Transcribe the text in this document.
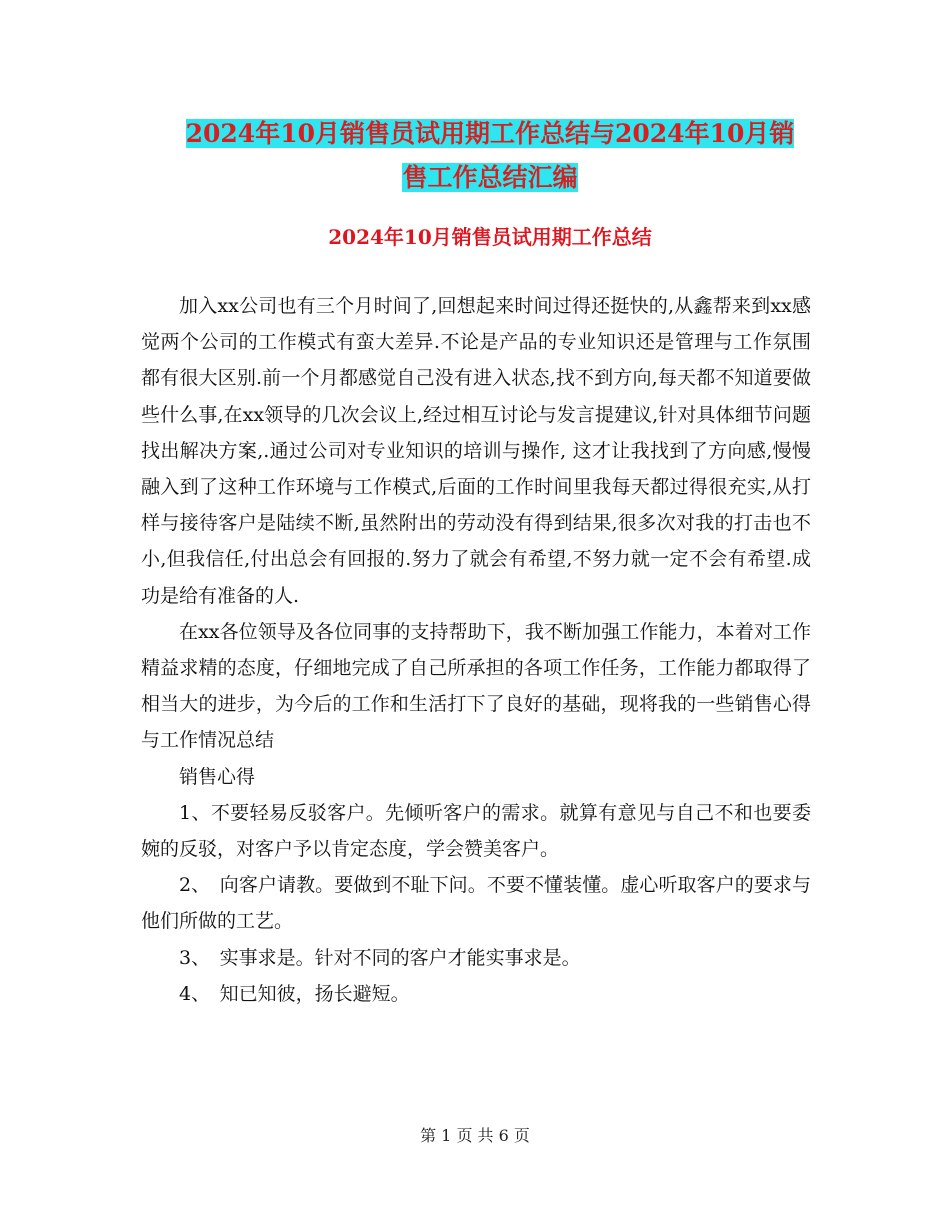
2024年10月销售员试用期工作总结与2024年10月销
售工作总结汇编
2024年10月销售员试用期工作总结

加入xx公司也有三个月时间了,回想起来时间过得还挺快的,从鑫帮来到xx感觉两个公司的工作模式有蛮大差异.不论是产品的专业知识还是管理与工作氛围都有很大区别.前一个月都感觉自己没有进入状态,找不到方向,每天都不知道要做些什么事,在xx领导的几次会议上,经过相互讨论与发言提建议,针对具体细节问题找出解决方案,.通过公司对专业知识的培训与操作, 这才让我找到了方向感,慢慢融入到了这种工作环境与工作模式,后面的工作时间里我每天都过得很充实,从打样与接待客户是陆续不断,虽然附出的劳动没有得到结果,很多次对我的打击也不小,但我信任,付出总会有回报的.努力了就会有希望,不努力就一定不会有希望.成功是给有准备的人.

在xx各位领导及各位同事的支持帮助下，我不断加强工作能力，本着对工作精益求精的态度，仔细地完成了自己所承担的各项工作任务，工作能力都取得了相当大的进步，为今后的工作和生活打下了良好的基础，现将我的一些销售心得与工作情况总结

销售心得

1、不要轻易反驳客户。先倾听客户的需求。就算有意见与自己不和也要委婉的反驳，对客户予以肯定态度，学会赞美客户。

2、　向客户请教。要做到不耻下问。不要不懂装懂。虚心听取客户的要求与他们所做的工艺。

3、　实事求是。针对不同的客户才能实事求是。

4、　知已知彼，扬长避短。

第 1 页 共 6 页
